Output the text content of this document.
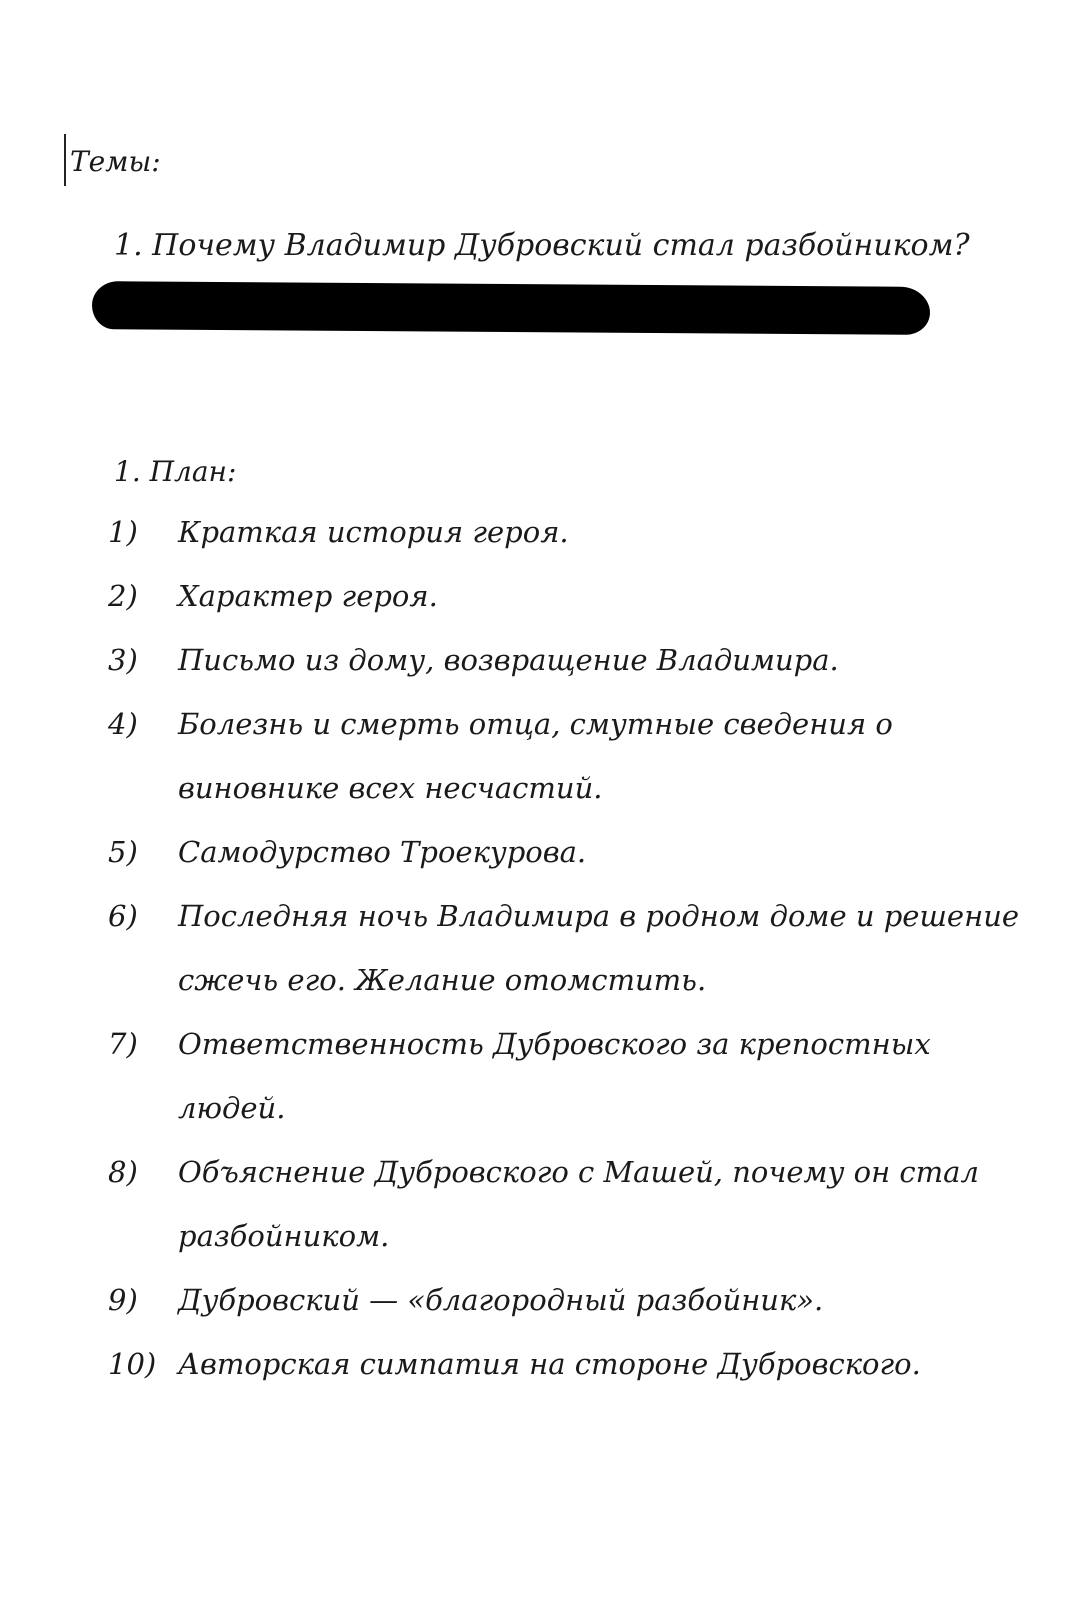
Темы:
1. Почему Владимир Дубровский стал разбойником?
1. План:
1)	Краткая история героя.
2)	Характер героя.
3)	Письмо из дому, возвращение Владимира.
4)	Болезнь и смерть отца, смутные сведения о виновнике всех несчастий.
5)	Самодурство Троекурова.
6)	Последняя ночь Владимира в родном доме и решение сжечь его. Желание отомстить.
7)	Ответственность Дубровского за крепостных людей.
8)	Объяснение Дубровского с Машей, почему он стал разбойником.
9)	Дубровский — «благородный разбойник».
10) Авторская симпатия на стороне Дубровского.
